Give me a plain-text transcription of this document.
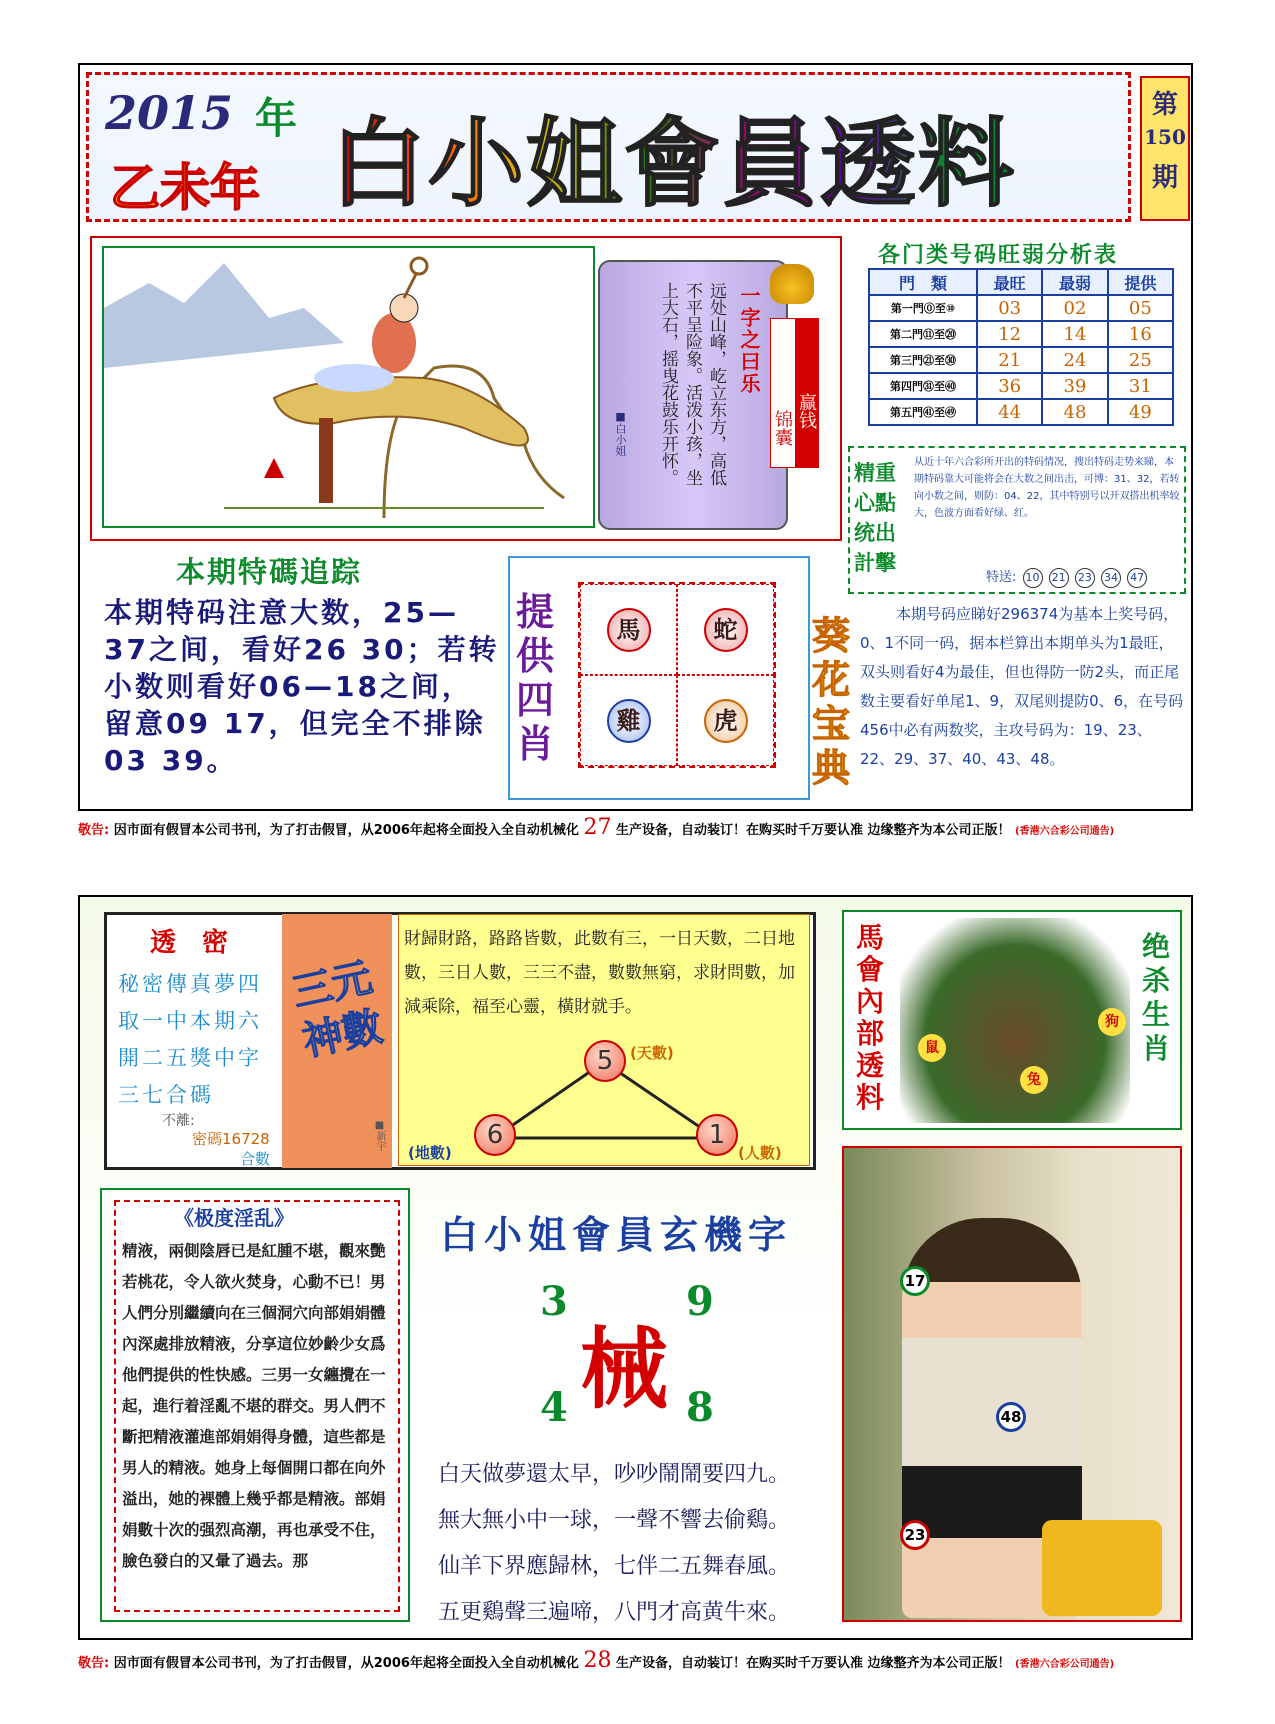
2015 年
乙未年 白小姐會員透料
第
150
期
一字之曰乐
远处山峰，屹立东方，高低不平呈险象。活泼小孩，坐上大石，摇曳花鼓乐开怀。
■白小姐	赢钱
锦囊
各门类号码旺弱分析表
門　類	最旺	最弱	提供
第一門⓪至⑩	03	02	05
第二門⑪至⑳	12	14	16
第三門㉑至㉚	21	24	25
第四門㉛至㊵	36	39	31
第五門㊶至㊾	44	48	49
精重心點统出計擊
从近十年六合彩所开出的特码情况，搜出特码走势来睇，本期特码靠大可能将会在大数之间出击，可博：31、32，若转向小数之间，则防：04、22，其中特别号以开双搭出机率较大，色波方面看好绿、红。
特送: 10 21 23 34 47
本期特碼追踪
本期特码注意大数，25—37之间，看好26 30；若转小数则看好06—18之间，留意09 17，但完全不排除03 39。
提供四肖
馬	蛇
雞	虎
葵花宝典
本期号码应睇好296374为基本上奖号码，0、1不同一码，据本栏算出本期单头为1最旺，双头则看好4为最佳，但也得防一防2头，而正尾数主要看好单尾1、9，双尾则提防0、6，在号码456中必有两数奖，主攻号码为：19、23、22、29、37、40、43、48。
敬告: 因市面有假冒本公司书刊，为了打击假冒，从2006年起将全面投入全自动机械化 27 生产设备，自动装订！在购买时千万要认准 边缘整齐为本公司正版！ (香港六合彩公司通告)
透　密
秘密傳真夢四取一中本期六開二五獎中字三七合碼
不離:
密碼16728
合數
三元神數
■新宇
財歸財路，路路皆數，此數有三，一日天數，二日地數，三日人數，三三不盡，數數無窮，求財問數，加減乘除，福至心靈，橫財就手。
5	(天數)
6
(地數)
1
(人數)
馬會內部透料
绝杀生肖
狗
鼠
兔
《极度淫乱》
精液，兩側陰唇已是紅腫不堪，觀來艷若桃花，令人欲火焚身，心動不已！男人們分別繼續向在三個洞穴向部娟娟體內深處排放精液，分享這位妙齡少女爲他們提供的性快感。三男一女纏攪在一起，進行着淫亂不堪的群交。男人們不斷把精液灌進部娟娟得身體，這些都是男人的精液。她身上每個開口都在向外溢出，她的裸體上幾乎都是精液。部娟娟數十次的强烈高潮，再也承受不住，臉色發白的又暈了過去。那
白小姐會員玄機字
3	9
械
4	8
白天做夢還太早，吵吵鬧鬧要四九。
無大無小中一球，一聲不響去偷鷄。
仙羊下界應歸林，七伴二五舞春風。
五更鷄聲三遍啼，八門才高黄牛來。
17
48
23
敬告: 因市面有假冒本公司书刊，为了打击假冒，从2006年起将全面投入全自动机械化 28 生产设备，自动装订！在购买时千万要认准 边缘整齐为本公司正版！ (香港六合彩公司通告)
